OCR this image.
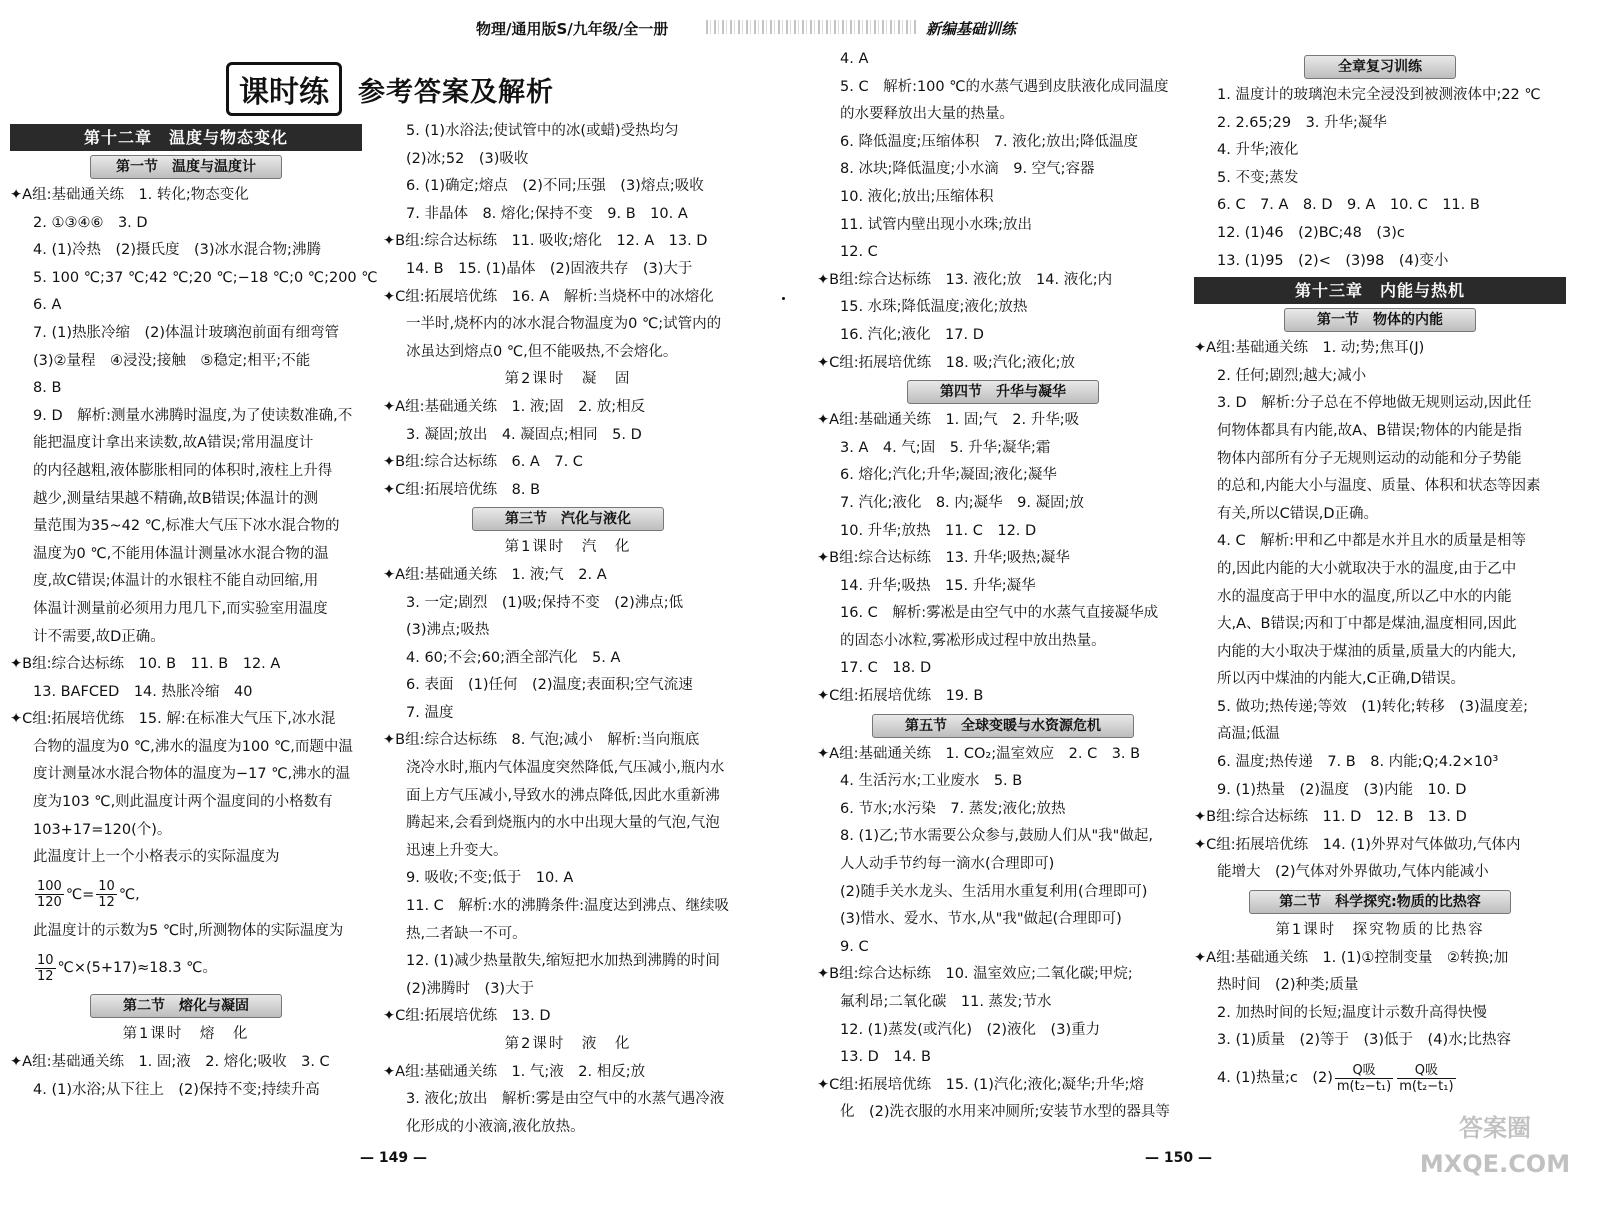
物理/通用版S/九年级/全一册	新编基础训练
课时练	参考答案及解析
第十二章　温度与物态变化
第一节　温度与温度计
✦A组:基础通关练　1. 转化;物态变化
2. ①③④⑥　3. D
4. (1)冷热　(2)摄氏度　(3)冰水混合物;沸腾
5. 100 ℃;37 ℃;42 ℃;20 ℃;−18 ℃;0 ℃;200 ℃
6. A
7. (1)热胀冷缩　(2)体温计玻璃泡前面有细弯管
(3)②量程　④浸没;接触　⑤稳定;相平;不能
8. B
9. D　解析:测量水沸腾时温度,为了使读数准确,不
能把温度计拿出来读数,故A错误;常用温度计
的内径越粗,液体膨胀相同的体积时,液柱上升得
越少,测量结果越不精确,故B错误;体温计的测
量范围为35~42 ℃,标准大气压下冰水混合物的
温度为0 ℃,不能用体温计测量冰水混合物的温
度,故C错误;体温计的水银柱不能自动回缩,用
体温计测量前必须用力甩几下,而实验室用温度
计不需要,故D正确。
✦B组:综合达标练　10. B　11. B　12. A
13. BAFCED　14. 热胀冷缩　40
✦C组:拓展培优练　15. 解:在标准大气压下,冰水混
合物的温度为0 ℃,沸水的温度为100 ℃,而题中温
度计测量冰水混合物体的温度为−17 ℃,沸水的温
度为103 ℃,则此温度计两个温度间的小格数有
103+17=120(个)。
此温度计上一个小格表示的实际温度为
$\frac{100}{120}$ ℃= $\frac{10}{12}$ ℃,
此温度计的示数为5 ℃时,所测物体的实际温度为
$\frac{10}{12}$ ℃×(5+17)≈18.3 ℃。
第二节　熔化与凝固
第1课时　熔　化
✦A组:基础通关练　1. 固;液　2. 熔化;吸收　3. C
4. (1)水浴;从下往上　(2)保持不变;持续升高
5. (1)水浴法;使试管中的冰(或蜡)受热均匀
(2)冰;52　(3)吸收
6. (1)确定;熔点　(2)不同;压强　(3)熔点;吸收
7. 非晶体　8. 熔化;保持不变　9. B　10. A
✦B组:综合达标练　11. 吸收;熔化　12. A　13. D
14. B　15. (1)晶体　(2)固液共存　(3)大于
✦C组:拓展培优练　16. A　解析:当烧杯中的冰熔化
一半时,烧杯内的冰水混合物温度为0 ℃;试管内的
冰虽达到熔点0 ℃,但不能吸热,不会熔化。
第2课时　凝　固
✦A组:基础通关练　1. 液;固　2. 放;相反
3. 凝固;放出　4. 凝固点;相同　5. D
✦B组:综合达标练　6. A　7. C
✦C组:拓展培优练　8. B
第三节　汽化与液化
第1课时　汽　化
✦A组:基础通关练　1. 液;气　2. A
3. 一定;剧烈　(1)吸;保持不变　(2)沸点;低
(3)沸点;吸热
4. 60;不会;60;酒全部汽化　5. A
6. 表面　(1)任何　(2)温度;表面积;空气流速
7. 温度
✦B组:综合达标练　8. 气泡;减小　解析:当向瓶底
浇冷水时,瓶内气体温度突然降低,气压减小,瓶内水
面上方气压减小,导致水的沸点降低,因此水重新沸
腾起来,会看到烧瓶内的水中出现大量的气泡,气泡
迅速上升变大。
9. 吸收;不变;低于　10. A
11. C　解析:水的沸腾条件:温度达到沸点、继续吸
热,二者缺一不可。
12. (1)减少热量散失,缩短把水加热到沸腾的时间
(2)沸腾时　(3)大于
✦C组:拓展培优练　13. D
第2课时　液　化
✦A组:基础通关练　1. 气;液　2. 相反;放
3. 液化;放出　解析:雾是由空气中的水蒸气遇冷液
化形成的小液滴,液化放热。
4. A
5. C　解析:100 ℃的水蒸气遇到皮肤液化成同温度
的水要释放出大量的热量。
6. 降低温度;压缩体积　7. 液化;放出;降低温度
8. 冰块;降低温度;小水滴　9. 空气;容器
10. 液化;放出;压缩体积
11. 试管内壁出现小水珠;放出
12. C
✦B组:综合达标练　13. 液化;放　14. 液化;内
15. 水珠;降低温度;液化;放热
16. 汽化;液化　17. D
✦C组:拓展培优练　18. 吸;汽化;液化;放
第四节　升华与凝华
✦A组:基础通关练　1. 固;气　2. 升华;吸
3. A　4. 气;固　5. 升华;凝华;霜
6. 熔化;汽化;升华;凝固;液化;凝华
7. 汽化;液化　8. 内;凝华　9. 凝固;放
10. 升华;放热　11. C　12. D
✦B组:综合达标练　13. 升华;吸热;凝华
14. 升华;吸热　15. 升华;凝华
16. C　解析:雾凇是由空气中的水蒸气直接凝华成
的固态小冰粒,雾凇形成过程中放出热量。
17. C　18. D
✦C组:拓展培优练　19. B
第五节　全球变暖与水资源危机
✦A组:基础通关练　1. CO₂;温室效应　2. C　3. B
4. 生活污水;工业废水　5. B
6. 节水;水污染　7. 蒸发;液化;放热
8. (1)乙;节水需要公众参与,鼓励人们从"我"做起,
人人动手节约每一滴水(合理即可)
(2)随手关水龙头、生活用水重复利用(合理即可)
(3)惜水、爱水、节水,从"我"做起(合理即可)
9. C
✦B组:综合达标练　10. 温室效应;二氧化碳;甲烷;
氟利昂;二氧化碳　11. 蒸发;节水
12. (1)蒸发(或汽化)　(2)液化　(3)重力
13. D　14. B
✦C组:拓展培优练　15. (1)汽化;液化;凝华;升华;熔
化　(2)洗衣服的水用来冲厕所;安装节水型的器具等
全章复习训练
1. 温度计的玻璃泡未完全浸没到被测液体中;22 ℃
2. 2.65;29　3. 升华;凝华
4. 升华;液化
5. 不变;蒸发
6. C　7. A　8. D　9. A　10. C　11. B
12. (1)46　(2)BC;48　(3)c
13. (1)95　(2)<　(3)98　(4)变小
第十三章　内能与热机
第一节　物体的内能
✦A组:基础通关练　1. 动;势;焦耳(J)
2. 任何;剧烈;越大;减小
3. D　解析:分子总在不停地做无规则运动,因此任
何物体都具有内能,故A、B错误;物体的内能是指
物体内部所有分子无规则运动的动能和分子势能
的总和,内能大小与温度、质量、体积和状态等因素
有关,所以C错误,D正确。
4. C　解析:甲和乙中都是水并且水的质量是相等
的,因此内能的大小就取决于水的温度,由于乙中
水的温度高于甲中水的温度,所以乙中水的内能
大,A、B错误;丙和丁中都是煤油,温度相同,因此
内能的大小取决于煤油的质量,质量大的内能大,
所以丙中煤油的内能大,C正确,D错误。
5. 做功;热传递;等效　(1)转化;转移　(3)温度差;
高温;低温
6. 温度;热传递　7. B　8. 内能;Q;4.2×10³
9. (1)热量　(2)温度　(3)内能　10. D
✦B组:综合达标练　11. D　12. B　13. D
✦C组:拓展培优练　14. (1)外界对气体做功,气体内
能增大　(2)气体对外界做功,气体内能减小
第二节　科学探究:物质的比热容
第1课时　探究物质的比热容
✦A组:基础通关练　1. (1)①控制变量　②转换;加
热时间　(2)种类;质量
2. 加热时间的长短;温度计示数升高得快慢
3. (1)质量　(2)等于　(3)低于　(4)水;比热容
4. (1)热量;c　$(2) \frac{\text{Q吸}}{\text{m(t₂−t₁)}} \frac{\text{Q吸}}{\text{m(t₂−t₁)}}$
— 149 —	— 150 —
答案圈 MXQE.COM
